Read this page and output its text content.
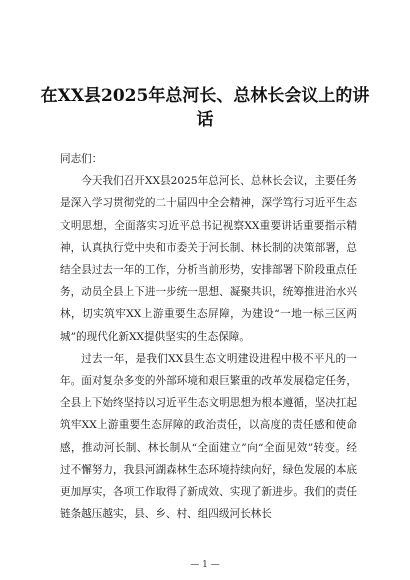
在XX县2025年总河长、总林长会议上的讲话

同志们：

今天我们召开XX县2025年总河长、总林长会议，主要任务是深入学习贯彻党的二十届四中全会精神，深学笃行习近平生态文明思想，全面落实习近平总书记视察XX重要讲话重要指示精神，认真执行党中央和市委关于河长制、林长制的决策部署，总结全县过去一年的工作，分析当前形势，安排部署下阶段重点任务，动员全县上下进一步统一思想、凝聚共识，统筹推进治水兴林，切实筑牢XX上游重要生态屏障，为建设“一地一标三区两城”的现代化新XX提供坚实的生态保障。

过去一年，是我们XX县生态文明建设进程中极不平凡的一年。面对复杂多变的外部环境和艰巨繁重的改革发展稳定任务，全县上下始终坚持以习近平生态文明思想为根本遵循，坚决扛起筑牢XX上游重要生态屏障的政治责任，以高度的责任感和使命感，推动河长制、林长制从“全面建立”向“全面见效”转变。经过不懈努力，我县河湖森林生态环境持续向好，绿色发展的本底更加厚实，各项工作取得了新成效、实现了新进步。我们的责任链条越压越实，县、乡、村、组四级河长林长

— 1 —
